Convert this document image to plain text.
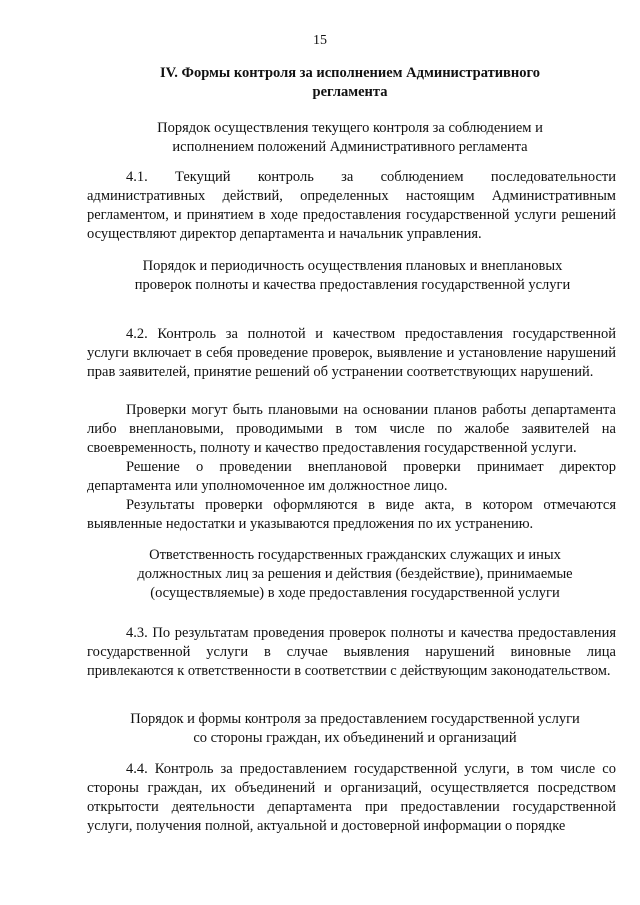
15
IV. Формы контроля за исполнением Административного регламента
Порядок осуществления текущего контроля за соблюдением и исполнением положений Административного регламента
4.1. Текущий контроль за соблюдением последовательности административных действий, определенных настоящим Административным регламентом, и принятием в ходе предоставления государственной услуги решений осуществляют директор департамента и начальник управления.
Порядок и периодичность осуществления плановых и внеплановых проверок полноты и качества предоставления государственной услуги
4.2. Контроль за полнотой и качеством предоставления государственной услуги включает в себя проведение проверок, выявление и установление нарушений прав заявителей, принятие решений об устранении соответствующих нарушений.
Проверки могут быть плановыми на основании планов работы департамента либо внеплановыми, проводимыми в том числе по жалобе заявителей на своевременность, полноту и качество предоставления государственной услуги.
Решение о проведении внеплановой проверки принимает директор департамента или уполномоченное им должностное лицо.
Результаты проверки оформляются в виде акта, в котором отмечаются выявленные недостатки и указываются предложения по их устранению.
Ответственность государственных гражданских служащих и иных должностных лиц за решения и действия (бездействие), принимаемые (осуществляемые) в ходе предоставления государственной услуги
4.3. По результатам проведения проверок полноты и качества предоставления государственной услуги в случае выявления нарушений виновные лица привлекаются к ответственности в соответствии с действующим законодательством.
Порядок и формы контроля за предоставлением государственной услуги со стороны граждан, их объединений и организаций
4.4. Контроль за предоставлением государственной услуги, в том числе со стороны граждан, их объединений и организаций, осуществляется посредством открытости деятельности департамента при предоставлении государственной услуги, получения полной, актуальной и достоверной информации о порядке
